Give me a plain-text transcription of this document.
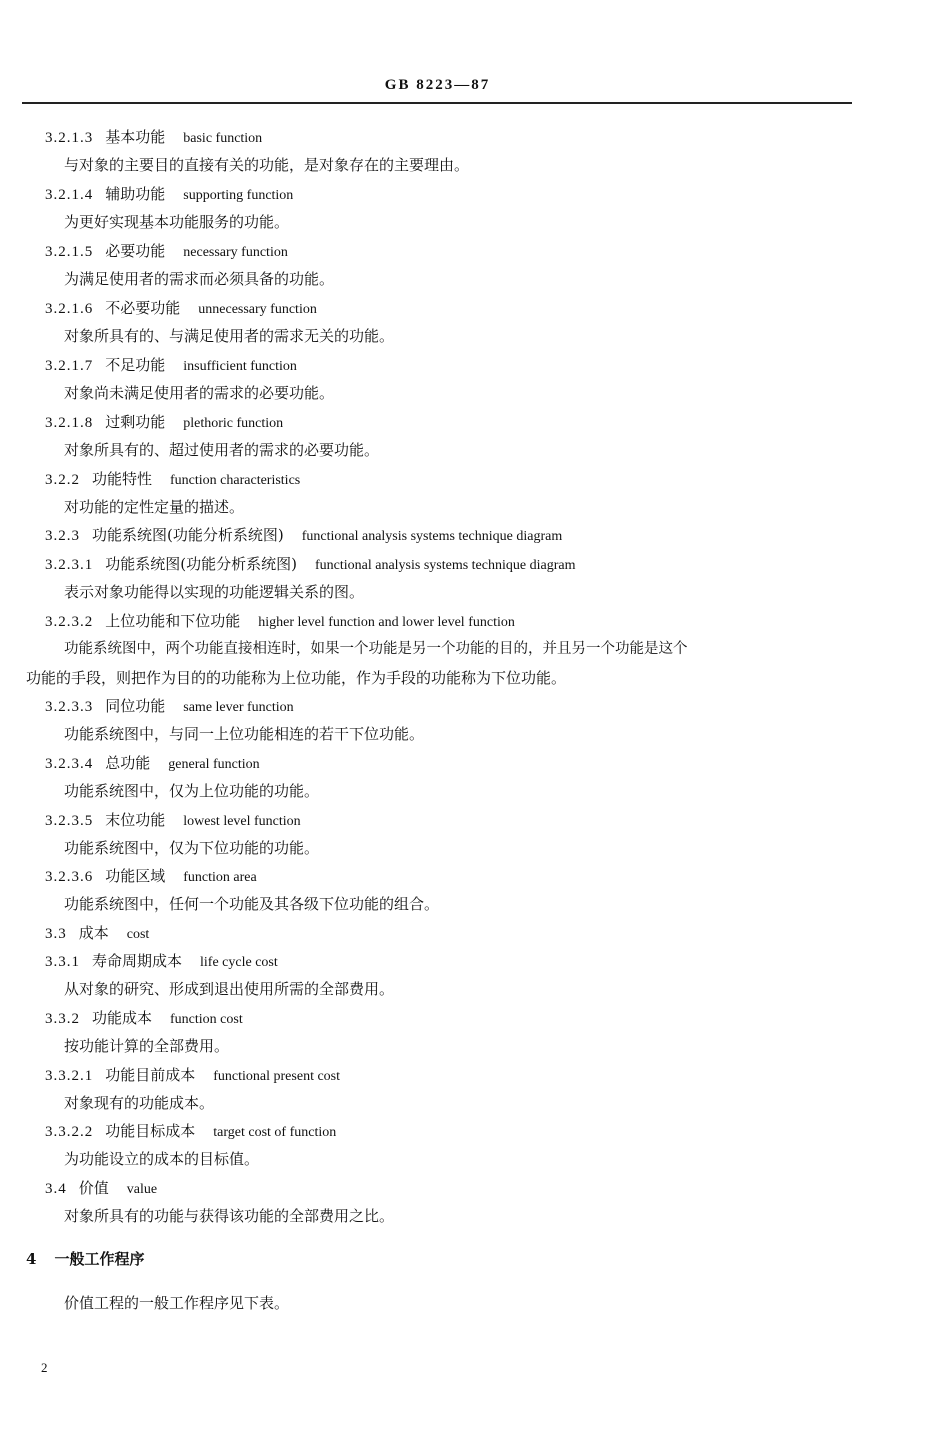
GB 8223—87
3.2.1.3 基本功能 basic function
与对象的主要目的直接有关的功能，是对象存在的主要理由。
3.2.1.4 辅助功能 supporting function
为更好实现基本功能服务的功能。
3.2.1.5 必要功能 necessary function
为满足使用者的需求而必须具备的功能。
3.2.1.6 不必要功能 unnecessary function
对象所具有的、与满足使用者的需求无关的功能。
3.2.1.7 不足功能 insufficient function
对象尚未满足使用者的需求的必要功能。
3.2.1.8 过剩功能 plethoric function
对象所具有的、超过使用者的需求的必要功能。
3.2.2 功能特性 function characteristics
对功能的定性定量的描述。
3.2.3 功能系统图(功能分析系统图) functional analysis systems technique diagram
3.2.3.1 功能系统图(功能分析系统图) functional analysis systems technique diagram
表示对象功能得以实现的功能逻辑关系的图。
3.2.3.2 上位功能和下位功能 higher level function and lower level function
功能系统图中，两个功能直接相连时，如果一个功能是另一个功能的目的，并且另一个功能是这个
功能的手段，则把作为目的的功能称为上位功能，作为手段的功能称为下位功能。
3.2.3.3 同位功能 same lever function
功能系统图中，与同一上位功能相连的若干下位功能。
3.2.3.4 总功能 general function
功能系统图中，仅为上位功能的功能。
3.2.3.5 末位功能 lowest level function
功能系统图中，仅为下位功能的功能。
3.2.3.6 功能区域 function area
功能系统图中，任何一个功能及其各级下位功能的组合。
3.3 成本 cost
3.3.1 寿命周期成本 life cycle cost
从对象的研究、形成到退出使用所需的全部费用。
3.3.2 功能成本 function cost
按功能计算的全部费用。
3.3.2.1 功能目前成本 functional present cost
对象现有的功能成本。
3.3.2.2 功能目标成本 target cost of function
为功能设立的成本的目标值。
3.4 价值 value
对象所具有的功能与获得该功能的全部费用之比。
4 一般工作程序
价值工程的一般工作程序见下表。
2
